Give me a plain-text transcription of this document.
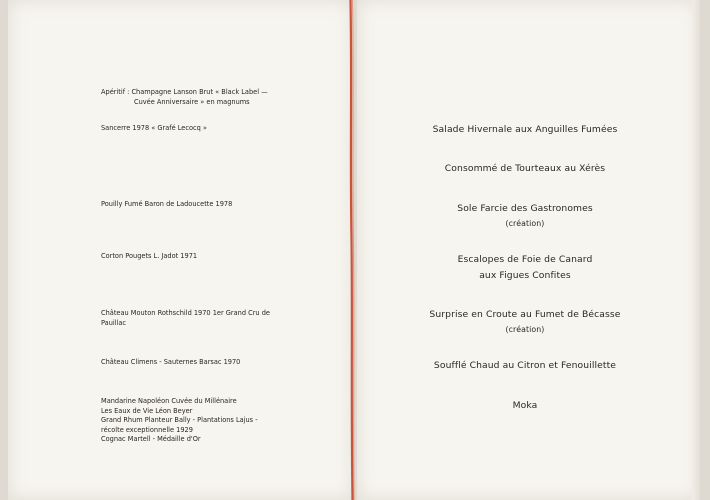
Apéritif : Champagne Lanson Brut « Black Label —
Cuvée Anniversaire » en magnums
Sancerre 1978 « Grafé Lecocq »
Pouilly Fumé Baron de Ladoucette 1978
Corton Pougets L. Jadot 1971
Château Mouton Rothschild 1970 1er Grand Cru de
Pauillac
Château Climens - Sauternes Barsac 1970
Mandarine Napoléon Cuvée du Millénaire
Les Eaux de Vie Léon Beyer
Grand Rhum Planteur Bally - Plantations Lajus -
récolte exceptionnelle 1929
Cognac Martell - Médaille d'Or
Salade Hivernale aux Anguilles Fumées
Consommé de Tourteaux au Xérès
Sole Farcie des Gastronomes
(création)
Escalopes de Foie de Canard
aux Figues Confites
Surprise en Croute au Fumet de Bécasse
(création)
Soufflé Chaud au Citron et Fenouillette
Moka
